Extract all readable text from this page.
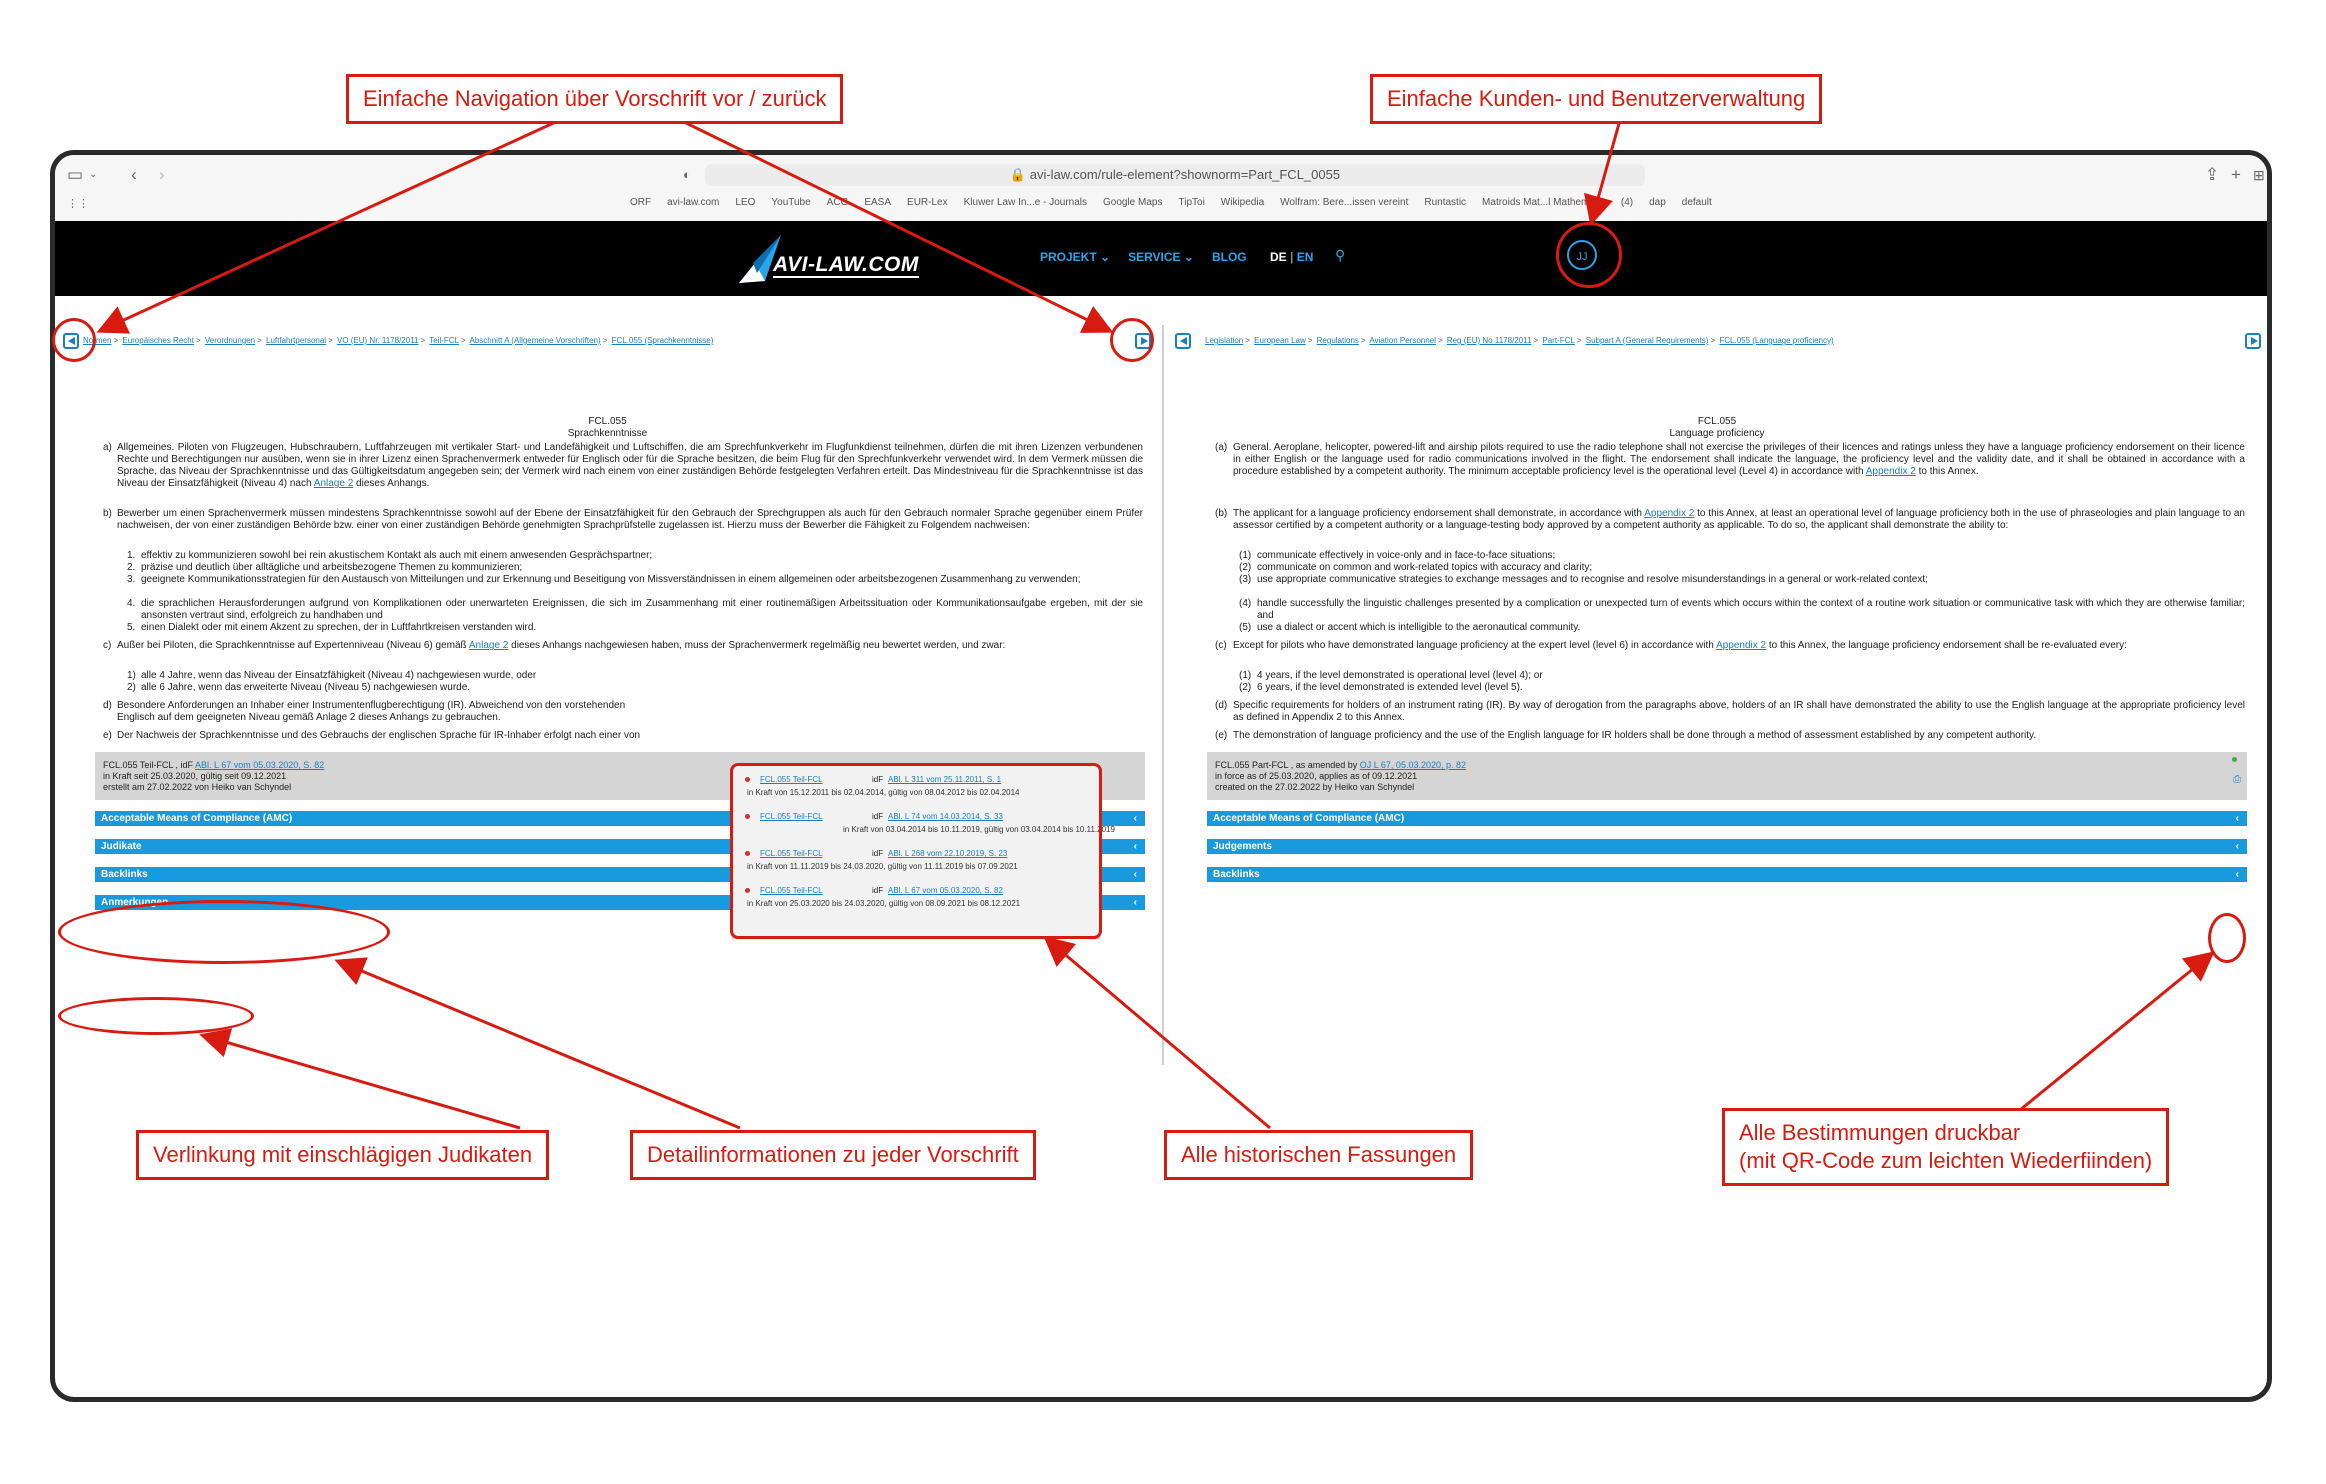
▭ ⌄ ‹ ›	◐	🔒 avi-law.com/rule-element?shownorm=Part_FCL_0055	⇪ + ⊞
⋮⋮	ORF avi-law.com LEO YouTube ACG EASA EUR-Lex Kluwer Law In...e - Journals Google Maps TipToi Wikipedia Wolfram: Bere...issen vereint Runtastic Matroids Mat...l Mathematik (4) dap default
AVI-LAW.COM	PROJEKT ⌄ SERVICE ⌄ BLOG DE | EN ⚲	JJ
Normen > Europäisches Recht > Verordnungen > Luftfahrtpersonal > VO (EU) Nr. 1178/2011 > Teil-FCL > Abschnitt A (Allgemeine Vorschriften) > FCL.055 (Sprachkenntnisse)
FCL.055
Sprachkenntnisse
a) Allgemeines. Piloten von Flugzeugen, Hubschraubern, Luftfahrzeugen mit vertikaler Start- und Landefähigkeit und Luftschiffen, die am Sprechfunkverkehr im Flugfunkdienst teilnehmen, dürfen die mit ihren Lizenzen verbundenen Rechte und Berechtigungen nur ausüben, wenn sie in ihrer Lizenz einen Sprachenvermerk entweder für Englisch oder für die Sprache besitzen, die beim Flug für den Sprechfunkverkehr verwendet wird. In dem Vermerk müssen die Sprache, das Niveau der Sprachkenntnisse und das Gültigkeitsdatum angegeben sein; der Vermerk wird nach einem von einer zuständigen Behörde festgelegten Verfahren erteilt. Das Mindestniveau für die Sprachkenntnisse ist das Niveau der Einsatzfähigkeit (Niveau 4) nach Anlage 2 dieses Anhangs.
b) Bewerber um einen Sprachenvermerk müssen mindestens Sprachkenntnisse sowohl auf der Ebene der Einsatzfähigkeit für den Gebrauch der Sprechgruppen als auch für den Gebrauch normaler Sprache gegenüber einem Prüfer nachweisen, der von einer zuständigen Behörde bzw. einer von einer zuständigen Behörde genehmigten Sprachprüfstelle zugelassen ist. Hierzu muss der Bewerber die Fähigkeit zu Folgendem nachweisen:
1. effektiv zu kommunizieren sowohl bei rein akustischem Kontakt als auch mit einem anwesenden Gesprächspartner;
2. präzise und deutlich über alltägliche und arbeitsbezogene Themen zu kommunizieren;
3. geeignete Kommunikationsstrategien für den Austausch von Mitteilungen und zur Erkennung und Beseitigung von Missverständnissen in einem allgemeinen oder arbeitsbezogenen Zusammenhang zu verwenden;
4. die sprachlichen Herausforderungen aufgrund von Komplikationen oder unerwarteten Ereignissen, die sich im Zusammenhang mit einer routinemäßigen Arbeitssituation oder Kommunikationsaufgabe ergeben, mit der sie ansonsten vertraut sind, erfolgreich zu handhaben und
5. einen Dialekt oder mit einem Akzent zu sprechen, der in Luftfahrtkreisen verstanden wird.
c) Außer bei Piloten, die Sprachkenntnisse auf Expertenniveau (Niveau 6) gemäß Anlage 2 dieses Anhangs nachgewiesen haben, muss der Sprachenvermerk regelmäßig neu bewertet werden, und zwar:
1) alle 4 Jahre, wenn das Niveau der Einsatzfähigkeit (Niveau 4) nachgewiesen wurde, oder
2) alle 6 Jahre, wenn das erweiterte Niveau (Niveau 5) nachgewiesen wurde.
d) Besondere Anforderungen an Inhaber einer Instrumentenflugberechtigung (IR). Abweichend von den vorstehenden
Englisch auf dem geeigneten Niveau gemäß Anlage 2 dieses Anhangs zu gebrauchen.
e) Der Nachweis der Sprachkenntnisse und des Gebrauchs der englischen Sprache für IR-Inhaber erfolgt nach einer von
FCL.055 Teil-FCL , idF ABl. L 67 vom 05.03.2020, S. 82
in Kraft seit 25.03.2020, gültig seit 09.12.2021
erstellt am 27.02.2022 von Heiko van Schyndel
Acceptable Means of Compliance (AMC)	‹
Judikate	‹
Backlinks	‹
Anmerkungen	‹
Legislation > European Law > Regulations > Aviation Personnel > Reg (EU) No 1178/2011 > Part-FCL > Subpart A (General Requirements) > FCL.055 (Language proficiency)
FCL.055
Language proficiency
(a) General. Aeroplane, helicopter, powered-lift and airship pilots required to use the radio telephone shall not exercise the privileges of their licences and ratings unless they have a language proficiency endorsement on their licence in either English or the language used for radio communications involved in the flight. The endorsement shall indicate the language, the proficiency level and the validity date, and it shall be obtained in accordance with a procedure established by a competent authority. The minimum acceptable proficiency level is the operational level (Level 4) in accordance with Appendix 2 to this Annex.
(b) The applicant for a language proficiency endorsement shall demonstrate, in accordance with Appendix 2 to this Annex, at least an operational level of language proficiency both in the use of phraseologies and plain language to an assessor certified by a competent authority or a language-testing body approved by a competent authority as applicable. To do so, the applicant shall demonstrate the ability to:
(1) communicate effectively in voice-only and in face-to-face situations;
(2) communicate on common and work-related topics with accuracy and clarity;
(3) use appropriate communicative strategies to exchange messages and to recognise and resolve misunderstandings in a general or work-related context;
(4) handle successfully the linguistic challenges presented by a complication or unexpected turn of events which occurs within the context of a routine work situation or communicative task with which they are otherwise familiar; and
(5) use a dialect or accent which is intelligible to the aeronautical community.
(c) Except for pilots who have demonstrated language proficiency at the expert level (level 6) in accordance with Appendix 2 to this Annex, the language proficiency endorsement shall be re-evaluated every:
(1) 4 years, if the level demonstrated is operational level (level 4); or
(2) 6 years, if the level demonstrated is extended level (level 5).
(d) Specific requirements for holders of an instrument rating (IR). By way of derogation from the paragraphs above, holders of an IR shall have demonstrated the ability to use the English language at the appropriate proficiency level as defined in Appendix 2 to this Annex.
(e) The demonstration of language proficiency and the use of the English language for IR holders shall be done through a method of assessment established by any competent authority.
FCL.055 Part-FCL , as amended by OJ L 67, 05.03.2020, p. 82
in force as of 25.03.2020, applies as of 09.12.2021
created on the 27.02.2022 by Heiko van Schyndel
⎙
Acceptable Means of Compliance (AMC)	‹
Judgements	‹
Backlinks	‹
FCL.055 Teil-FCL	idF ABl. L 311 vom 25.11.2011, S. 1
in Kraft von 15.12.2011 bis 02.04.2014, gültig von 08.04.2012 bis 02.04.2014
FCL.055 Teil-FCL	idF ABl. L 74 vom 14.03.2014, S. 33
in Kraft von 03.04.2014 bis 10.11.2019, gültig von 03.04.2014 bis 10.11.2019
FCL.055 Teil-FCL	idF ABl. L 268 vom 22.10.2019, S. 23
in Kraft von 11.11.2019 bis 24.03.2020, gültig von 11.11.2019 bis 07.09.2021
FCL.055 Teil-FCL	idF ABl. L 67 vom 05.03.2020, S. 82
in Kraft von 25.03.2020 bis 24.03.2020, gültig von 08.09.2021 bis 08.12.2021
Einfache Navigation über Vorschrift vor / zurück	Einfache Kunden- und Benutzerverwaltung
Verlinkung mit einschlägigen Judikaten	Detailinformationen zu jeder Vorschrift	Alle historischen Fassungen
Alle Bestimmungen druckbar
(mit QR-Code zum leichten Wiederfiinden)
